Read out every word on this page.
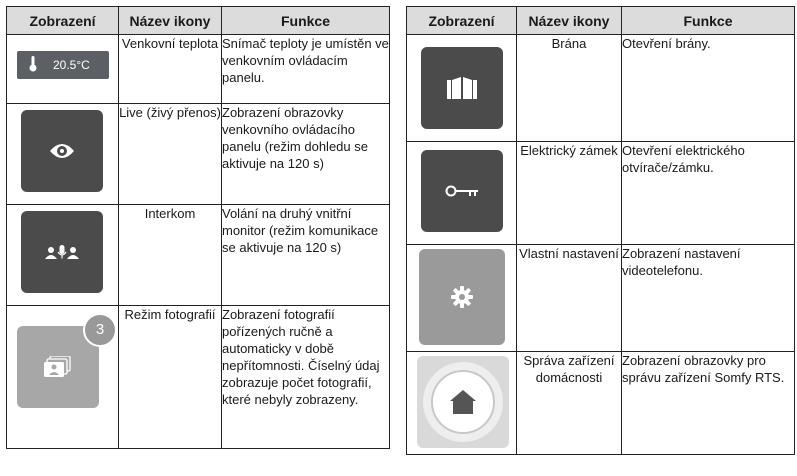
Zobrazení	Název ikony	Funkce

20.5°C	Venkovní teplota	Snímač teploty je umístěn ve venkovním ovládacím panelu.

	Live (živý přenos)	Zobrazení obrazovky venkovního ovládacího panelu (režim dohledu se aktivuje na 120 s)

	Interkom	Volání na druhý vnitřní monitor (režim komunikace se aktivuje na 120 s)

3	Režim fotografií	Zobrazení fotografií pořízených ručně a automaticky v době nepřítomnosti. Číselný údaj zobrazuje počet fotografií, které nebyly zobrazeny.
Zobrazení	Název ikony	Funkce

	Brána	Otevření brány.

	Elektrický zámek	Otevření elektrického otvírače/zámku.

	Vlastní nastavení	Zobrazení nastavení videotelefonu.

	Správa zařízení domácnosti	Zobrazení obrazovky pro správu zařízení Somfy RTS.
